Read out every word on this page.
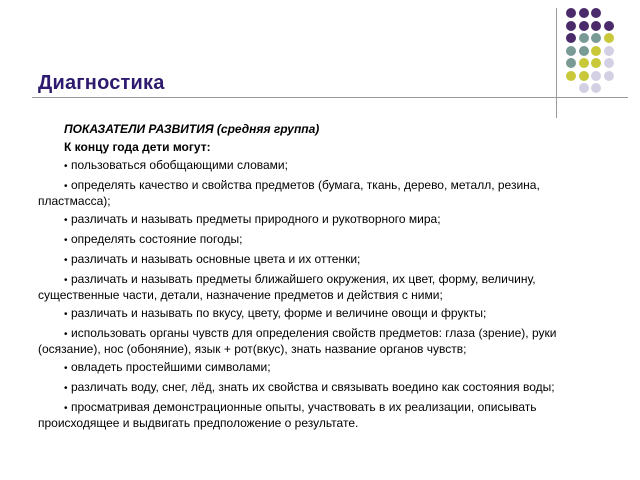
Диагностика
ПОКАЗАТЕЛИ РАЗВИТИЯ (средняя группа)
К концу года дети могут:
• пользоваться обобщающими словами;
• определять качество и свойства предметов (бумага, ткань, дерево, металл, резина, пластмасса);
• различать и называть предметы природного и рукотворного мира;
• определять состояние погоды;
• различать и называть основные цвета и их оттенки;
• различать и называть предметы ближайшего окружения, их цвет, форму, величину, существенные части, детали, назначение предметов и действия с ними;
• различать и называть по вкусу, цвету, форме и величине овощи и фрукты;
• использовать органы чувств для определения свойств предметов: глаза (зрение), руки (осязание), нос (обоняние), язык + рот(вкус), знать название органов чувств;
• овладеть простейшими символами;
• различать воду, снег, лёд, знать их свойства и связывать воедино как состояния воды;
• просматривая демонстрационные опыты, участвовать в их реализации, описывать происходящее и выдвигать предположение о результате.
